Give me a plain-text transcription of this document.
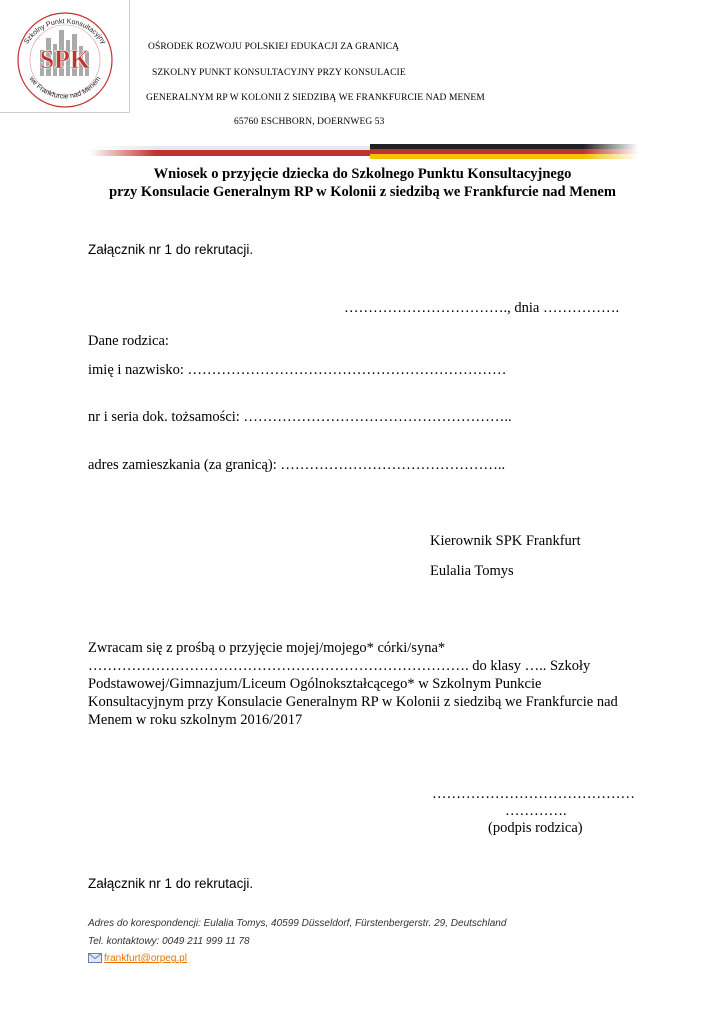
SPK
Szkolny Punkt Konsultacyjny
we Frankfurcie nad Menem
OŚRODEK ROZWOJU POLSKIEJ EDUKACJI ZA GRANICĄ
SZKOLNY PUNKT KONSULTACYJNY PRZY KONSULACIE
GENERALNYM RP W KOLONII Z SIEDZIBĄ WE FRANKFURCIE NAD MENEM
65760 ESCHBORN, DOERNWEG 53
Wniosek o przyjęcie dziecka do Szkolnego Punktu Konsultacyjnego
przy Konsulacie Generalnym RP w Kolonii z siedzibą we Frankfurcie nad Menem
Załącznik nr 1 do rekrutacji.
……………………………., dnia …………….
Dane rodzica:
imię i nazwisko: …………………………………………………………
nr i seria dok. tożsamości: ………………………………………………..
adres zamieszkania (za granicą): ………………………………………..
Kierownik SPK Frankfurt
Eulalia Tomys
Zwracam się z prośbą o przyjęcie mojej/mojego* córki/syna*
……………………………………………………………………. do klasy ….. Szkoły
Podstawowej/Gimnazjum/Liceum Ogólnokształcącego* w Szkolnym Punkcie
Konsultacyjnym przy Konsulacie Generalnym RP w Kolonii z siedzibą we Frankfurcie nad
Menem w roku szkolnym 2016/2017
……………………………………
………….
(podpis rodzica)
Załącznik nr 1 do rekrutacji.
Adres do korespondencji: Eulalia Tomys, 40599 Düsseldorf, Fürstenbergerstr. 29, Deutschland
Tel. kontaktowy: 0049 211 999 11 78
frankfurt@orpeg.pl
